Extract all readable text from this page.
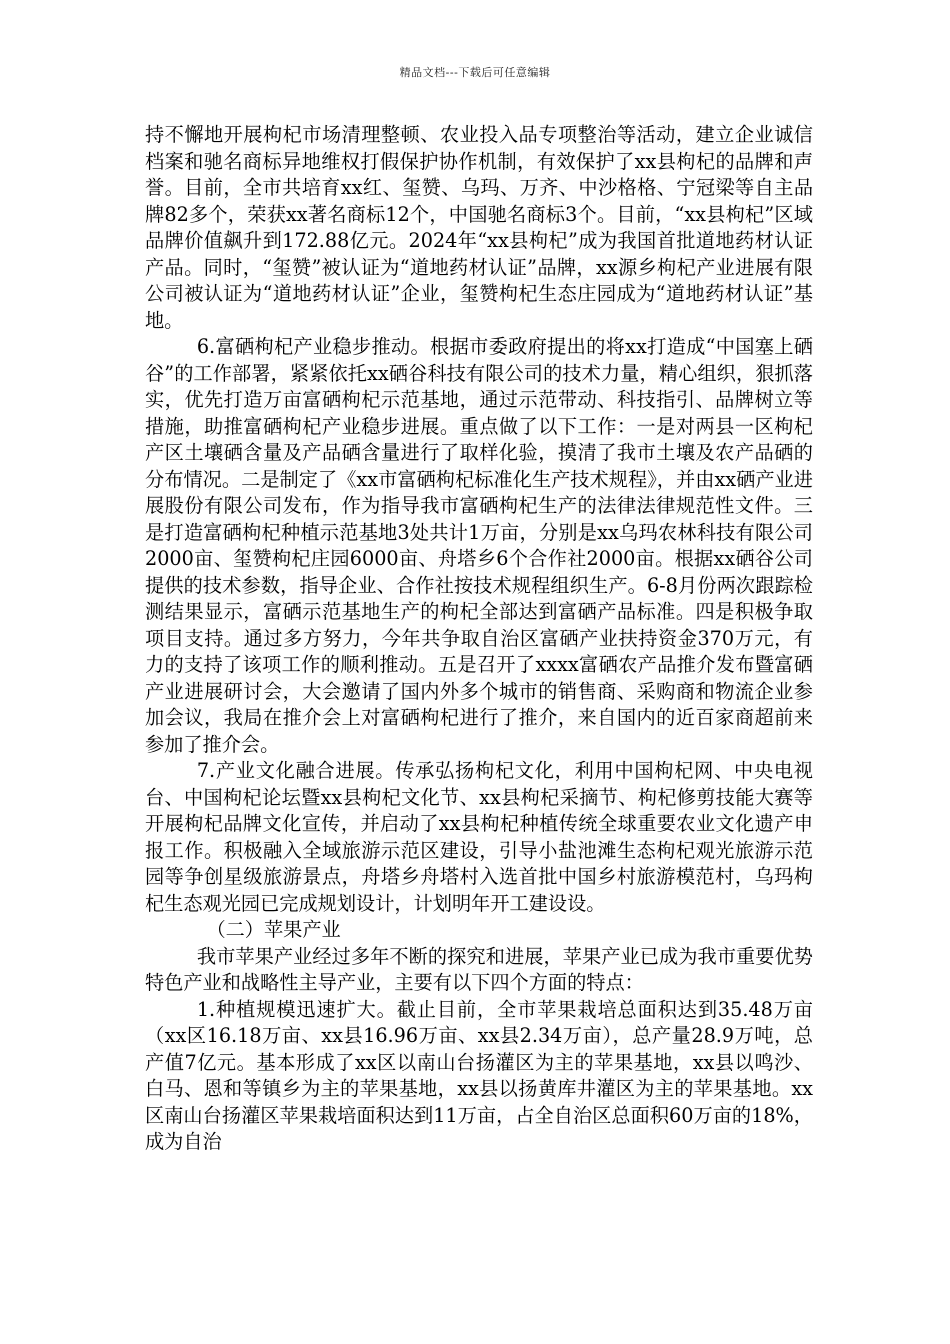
精品文档---下载后可任意编辑

持不懈地开展枸杞市场清理整顿、农业投入品专项整治等活动，建立企业诚信档案和驰名商标异地维权打假保护协作机制，有效保护了xx县枸杞的品牌和声誉。目前，全市共培育xx红、玺赞、乌玛、万齐、中沙格格、宁冠梁等自主品牌82多个，荣获xx著名商标12个，中国驰名商标3个。目前，“xx县枸杞”区域品牌价值飙升到172.88亿元。2024年“xx县枸杞”成为我国首批道地药材认证产品。同时，“玺赞”被认证为“道地药材认证”品牌，xx源乡枸杞产业进展有限公司被认证为“道地药材认证”企业，玺赞枸杞生态庄园成为“道地药材认证”基地。

6.富硒枸杞产业稳步推动。根据市委政府提出的将xx打造成“中国塞上硒谷”的工作部署，紧紧依托xx硒谷科技有限公司的技术力量，精心组织，狠抓落实，优先打造万亩富硒枸杞示范基地，通过示范带动、科技指引、品牌树立等措施，助推富硒枸杞产业稳步进展。重点做了以下工作：一是对两县一区枸杞产区土壤硒含量及产品硒含量进行了取样化验，摸清了我市土壤及农产品硒的分布情况。二是制定了《xx市富硒枸杞标准化生产技术规程》，并由xx硒产业进展股份有限公司发布，作为指导我市富硒枸杞生产的法律法律规范性文件。三是打造富硒枸杞种植示范基地3处共计1万亩，分别是xx乌玛农林科技有限公司2000亩、玺赞枸杞庄园6000亩、舟塔乡6个合作社2000亩。根据xx硒谷公司提供的技术参数，指导企业、合作社按技术规程组织生产。6-8月份两次跟踪检测结果显示，富硒示范基地生产的枸杞全部达到富硒产品标准。四是积极争取项目支持。通过多方努力，今年共争取自治区富硒产业扶持资金370万元，有力的支持了该项工作的顺利推动。五是召开了xxxx富硒农产品推介发布暨富硒产业进展研讨会，大会邀请了国内外多个城市的销售商、采购商和物流企业参加会议，我局在推介会上对富硒枸杞进行了推介，来自国内的近百家商超前来参加了推介会。

7.产业文化融合进展。传承弘扬枸杞文化，利用中国枸杞网、中央电视台、中国枸杞论坛暨xx县枸杞文化节、xx县枸杞采摘节、枸杞修剪技能大赛等开展枸杞品牌文化宣传，并启动了xx县枸杞种植传统全球重要农业文化遗产申报工作。积极融入全域旅游示范区建设，引导小盐池滩生态枸杞观光旅游示范园等争创星级旅游景点，舟塔乡舟塔村入选首批中国乡村旅游模范村，乌玛枸杞生态观光园已完成规划设计，计划明年开工建设设。

（二）苹果产业

我市苹果产业经过多年不断的探究和进展，苹果产业已成为我市重要优势特色产业和战略性主导产业，主要有以下四个方面的特点：

1.种植规模迅速扩大。截止目前，全市苹果栽培总面积达到35.48万亩（xx区16.18万亩、xx县16.96万亩、xx县2.34万亩），总产量28.9万吨，总产值7亿元。基本形成了xx区以南山台扬灌区为主的苹果基地，xx县以鸣沙、白马、恩和等镇乡为主的苹果基地，xx县以扬黄库井灌区为主的苹果基地。xx区南山台扬灌区苹果栽培面积达到11万亩，占全自治区总面积60万亩的18%，成为自治
